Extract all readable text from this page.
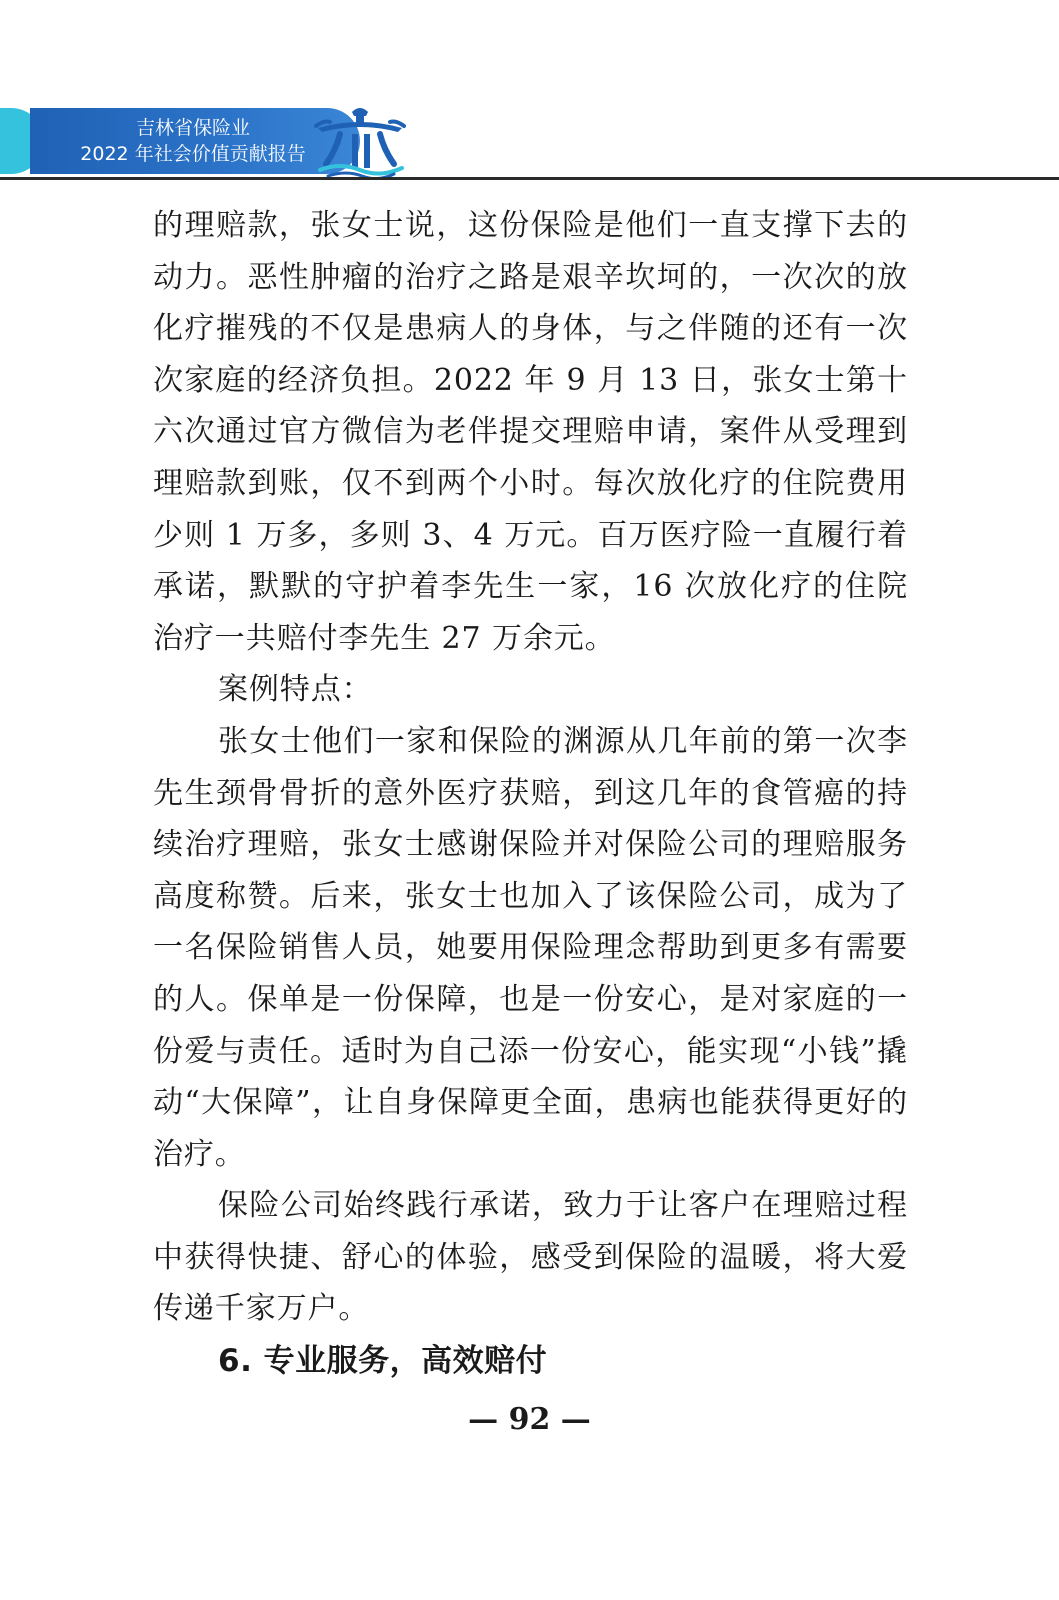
吉林省保险业
2022 年社会价值贡献报告

的理赔款，张女士说，这份保险是他们一直支撑下去的动力。恶性肿瘤的治疗之路是艰辛坎坷的，一次次的放化疗摧残的不仅是患病人的身体，与之伴随的还有一次次家庭的经济负担。2022 年 9 月 13 日，张女士第十六次通过官方微信为老伴提交理赔申请，案件从受理到理赔款到账，仅不到两个小时。每次放化疗的住院费用少则 1 万多，多则 3、4 万元。百万医疗险一直履行着承诺，默默的守护着李先生一家，16 次放化疗的住院治疗一共赔付李先生 27 万余元。

案例特点：

张女士他们一家和保险的渊源从几年前的第一次李先生颈骨骨折的意外医疗获赔，到这几年的食管癌的持续治疗理赔，张女士感谢保险并对保险公司的理赔服务高度称赞。后来，张女士也加入了该保险公司，成为了一名保险销售人员，她要用保险理念帮助到更多有需要的人。保单是一份保障，也是一份安心，是对家庭的一份爱与责任。适时为自己添一份安心，能实现“小钱”撬动“大保障”，让自身保障更全面，患病也能获得更好的治疗。

保险公司始终践行承诺，致力于让客户在理赔过程中获得快捷、舒心的体验，感受到保险的温暖，将大爱传递千家万户。

6. 专业服务，高效赔付

— 92 —
